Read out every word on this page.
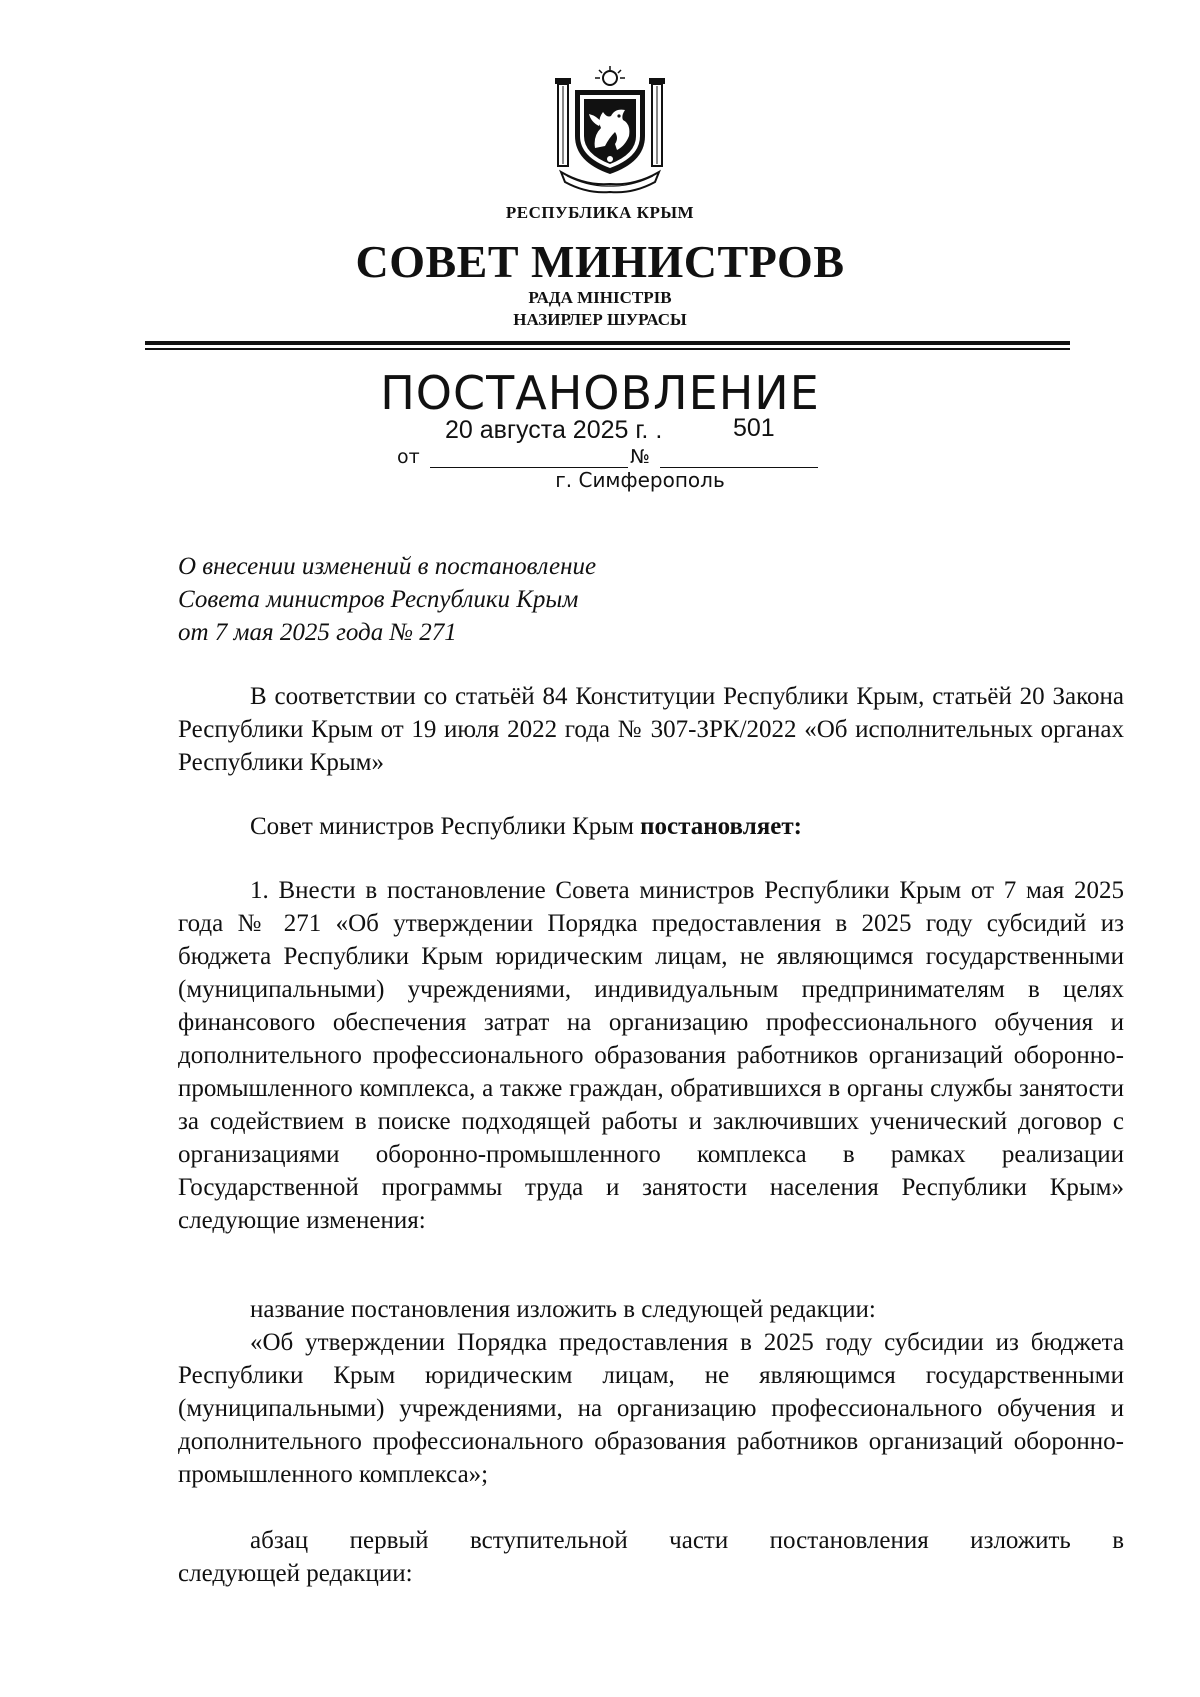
РЕСПУБЛИКА КРЫМ
СОВЕТ МИНИСТРОВ
РАДА МІНІСТРІВ
НАЗИРЛЕР ШУРАСЫ
ПОСТАНОВЛЕНИЕ
20 августа 2025 г. .	501
от	№
г. Симферополь
О внесении изменений в постановление
Совета министров Республики Крым
от 7 мая 2025 года № 271
В соответствии со статьёй 84 Конституции Республики Крым, статьёй 20 Закона Республики Крым от 19 июля 2022 года № 307-ЗРК/2022 «Об исполнительных органах Республики Крым»
Совет министров Республики Крым постановляет:
1. Внести в постановление Совета министров Республики Крым от 7 мая 2025 года № 271 «Об утверждении Порядка предоставления в 2025 году субсидий из бюджета Республики Крым юридическим лицам, не являющимся государственными (муниципальными) учреждениями, индивидуальным предпринимателям в целях финансового обеспечения затрат на организацию профессионального обучения и дополнительного профессионального образования работников организаций оборонно-промышленного комплекса, а также граждан, обратившихся в органы службы занятости за содействием в поиске подходящей работы и заключивших ученический договор с организациями оборонно-промышленного комплекса в рамках реализации Государственной программы труда и занятости населения Республики Крым» следующие изменения:
название постановления изложить в следующей редакции:
«Об утверждении Порядка предоставления в 2025 году субсидии из бюджета Республики Крым юридическим лицам, не являющимся государственными (муниципальными) учреждениями, на организацию профессионального обучения и дополнительного профессионального образования работников организаций оборонно-промышленного комплекса»;
абзац первый вступительной части постановления изложить в
следующей редакции:
